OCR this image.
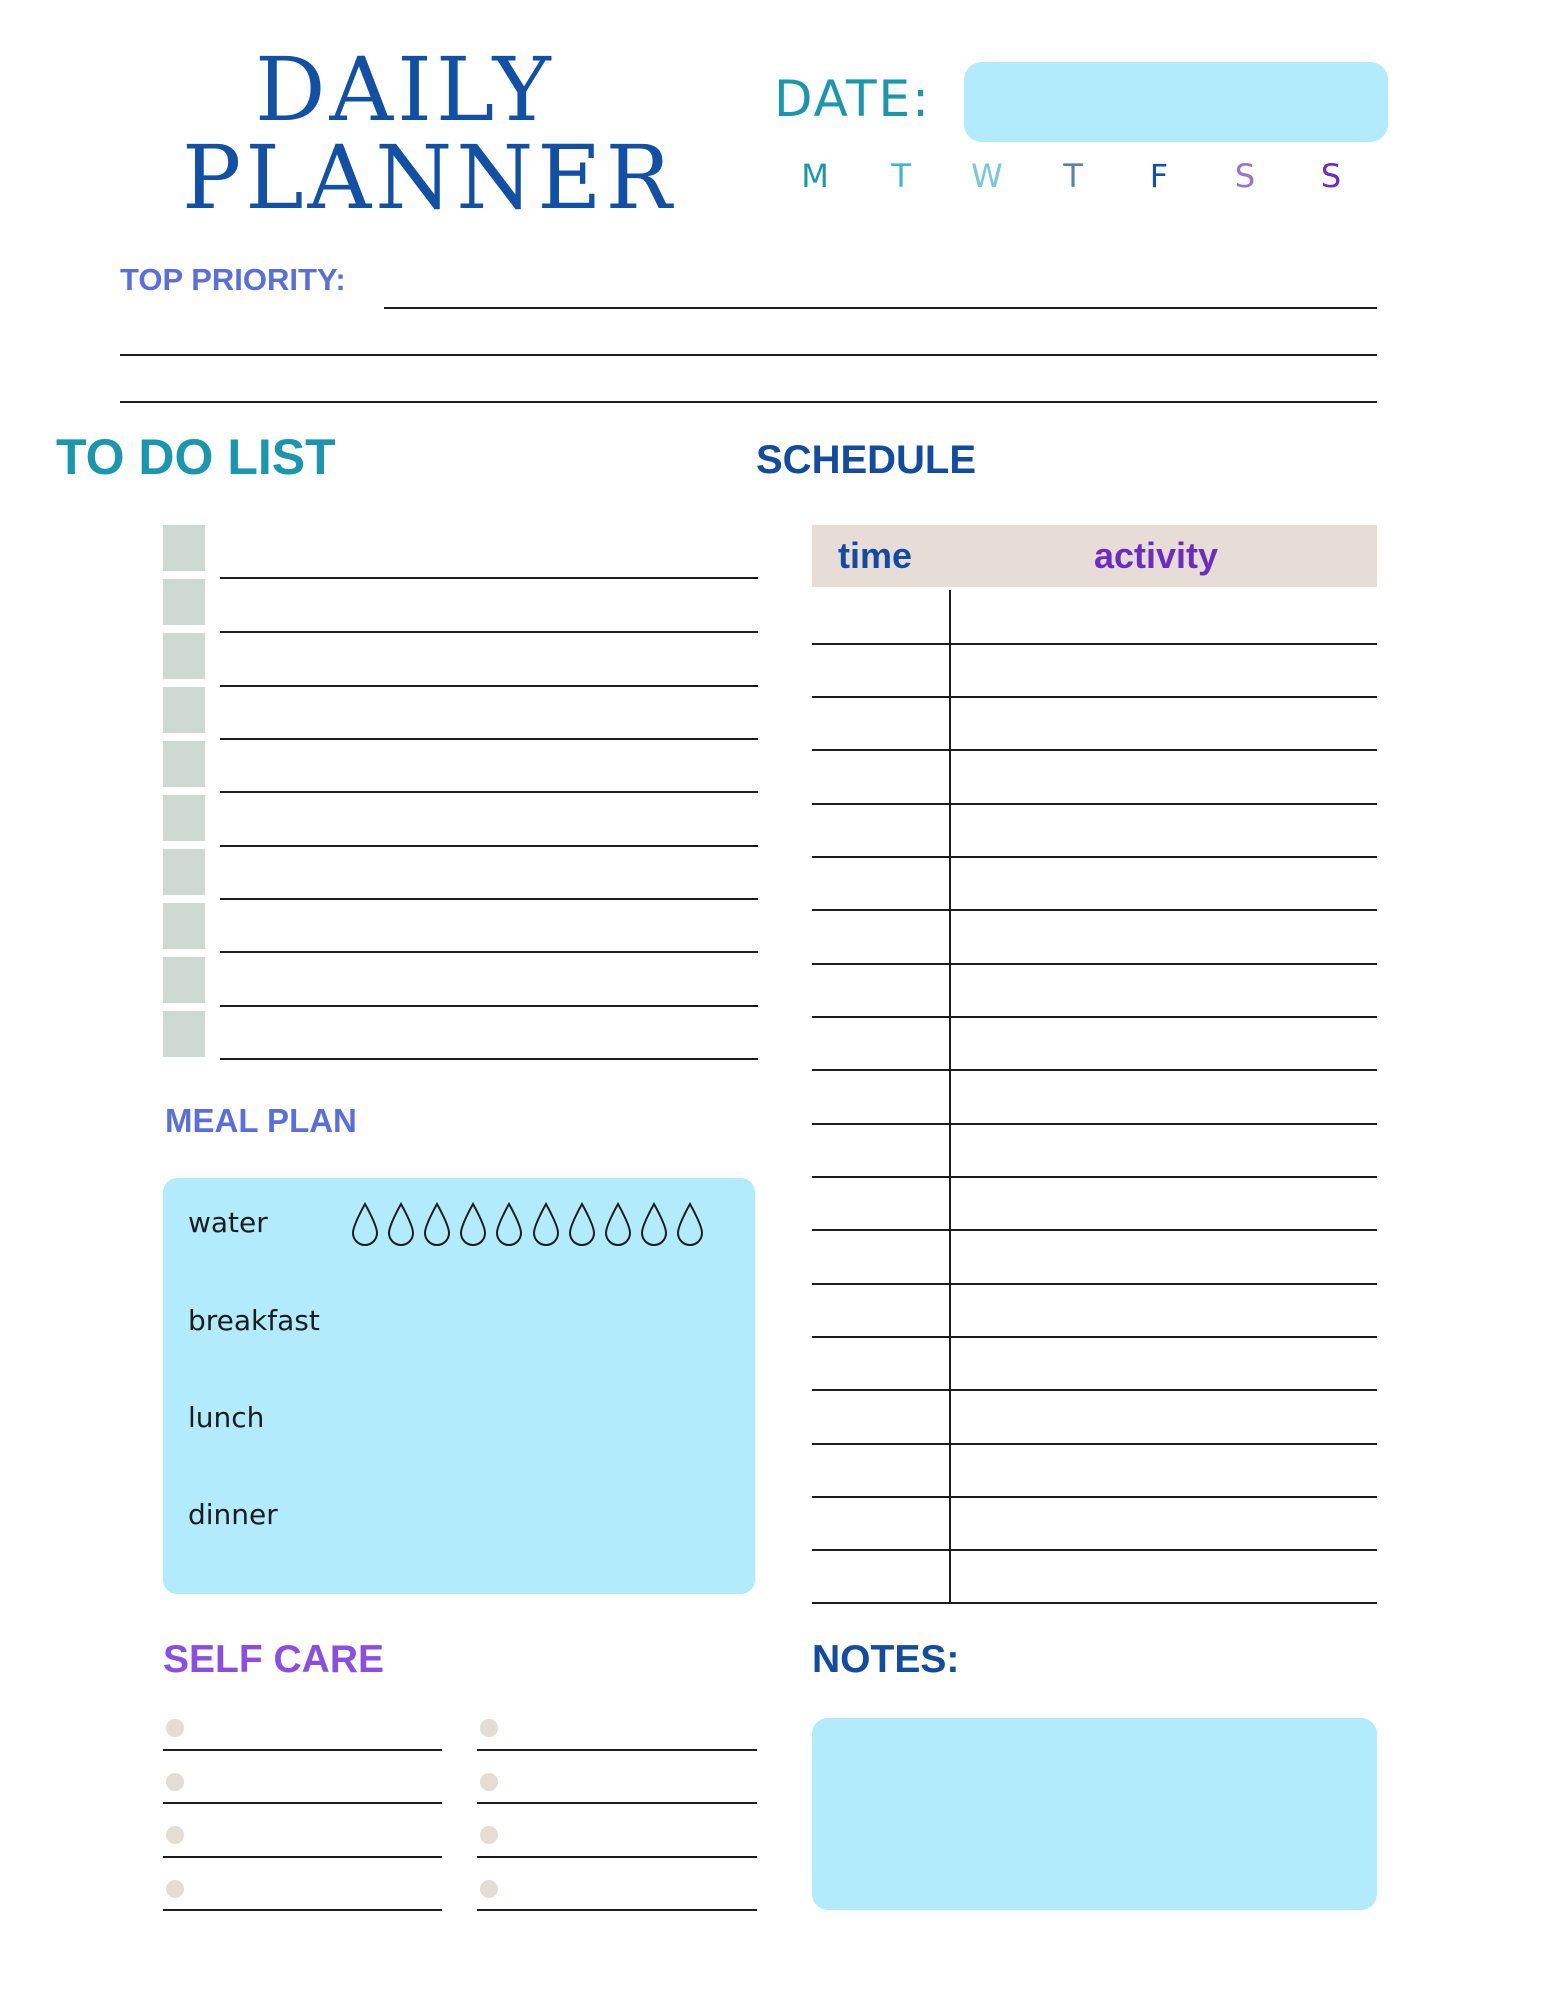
DAILY
PLANNER
DATE:
M	T	W	T	F	S	S
TOP PRIORITY:
TO DO LIST
MEAL PLAN
water
breakfast
lunch
dinner
SCHEDULE
time	activity
SELF CARE	NOTES:
